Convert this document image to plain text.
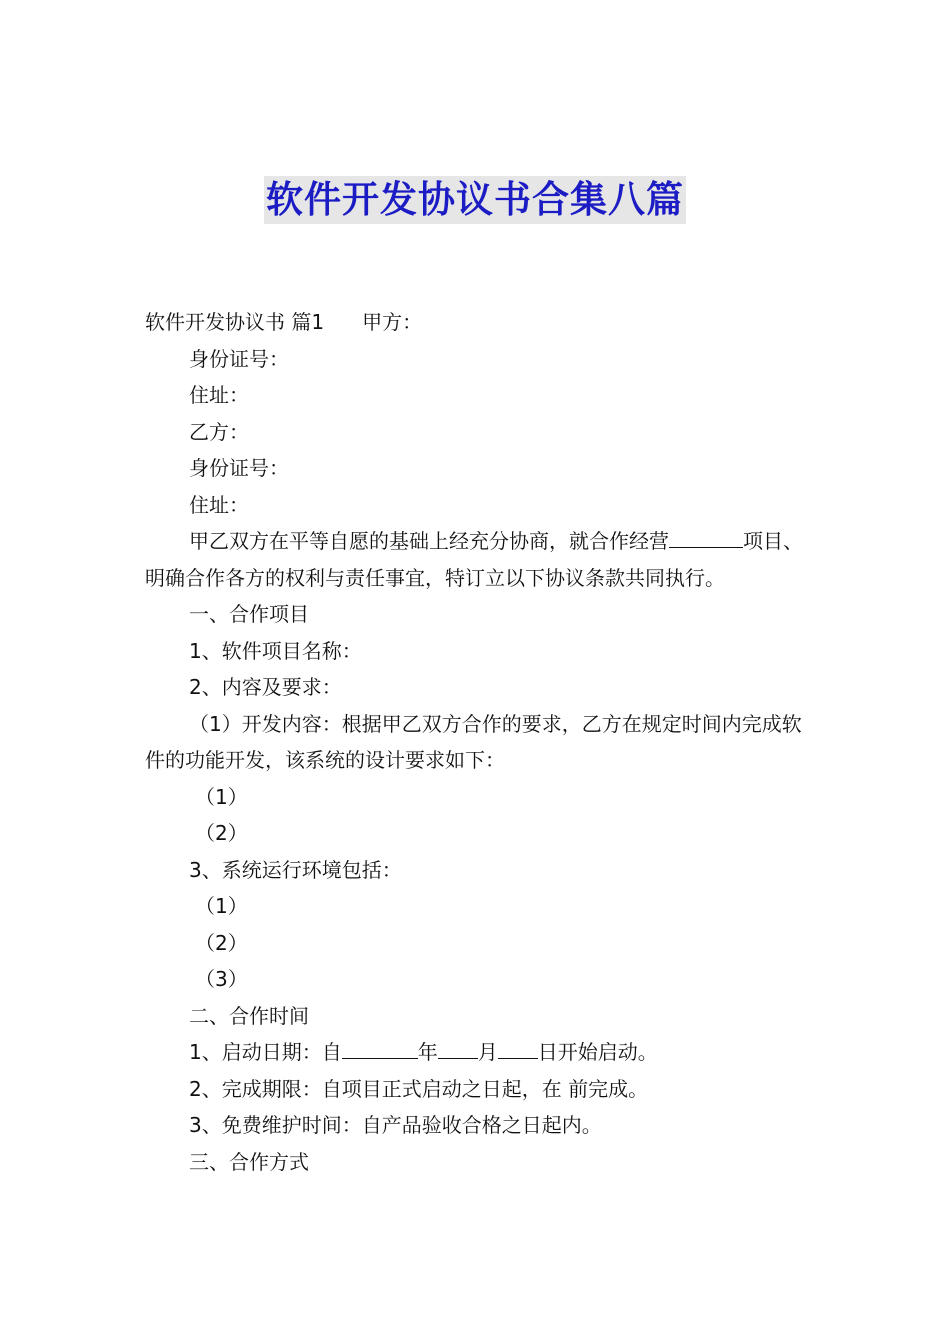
软件开发协议书合集八篇

软件开发协议书 篇1 甲方：

身份证号：

住址：

乙方：

身份证号：

住址：

甲乙双方在平等自愿的基础上经充分协商，就合作经营	项目、明确合作各方的权利与责任事宜，特订立以下协议条款共同执行。

一、合作项目

1、软件项目名称：

2、内容及要求：

（1）开发内容：根据甲乙双方合作的要求，乙方在规定时间内完成软件的功能开发，该系统的设计要求如下：

（1）

（2）

3、系统运行环境包括：

（1）

（2）

（3）

二、合作时间

1、启动日期：自	年 月 日开始启动。

2、完成期限：自项目正式启动之日起，在 前完成。

3、免费维护时间：自产品验收合格之日起内。

三、合作方式
